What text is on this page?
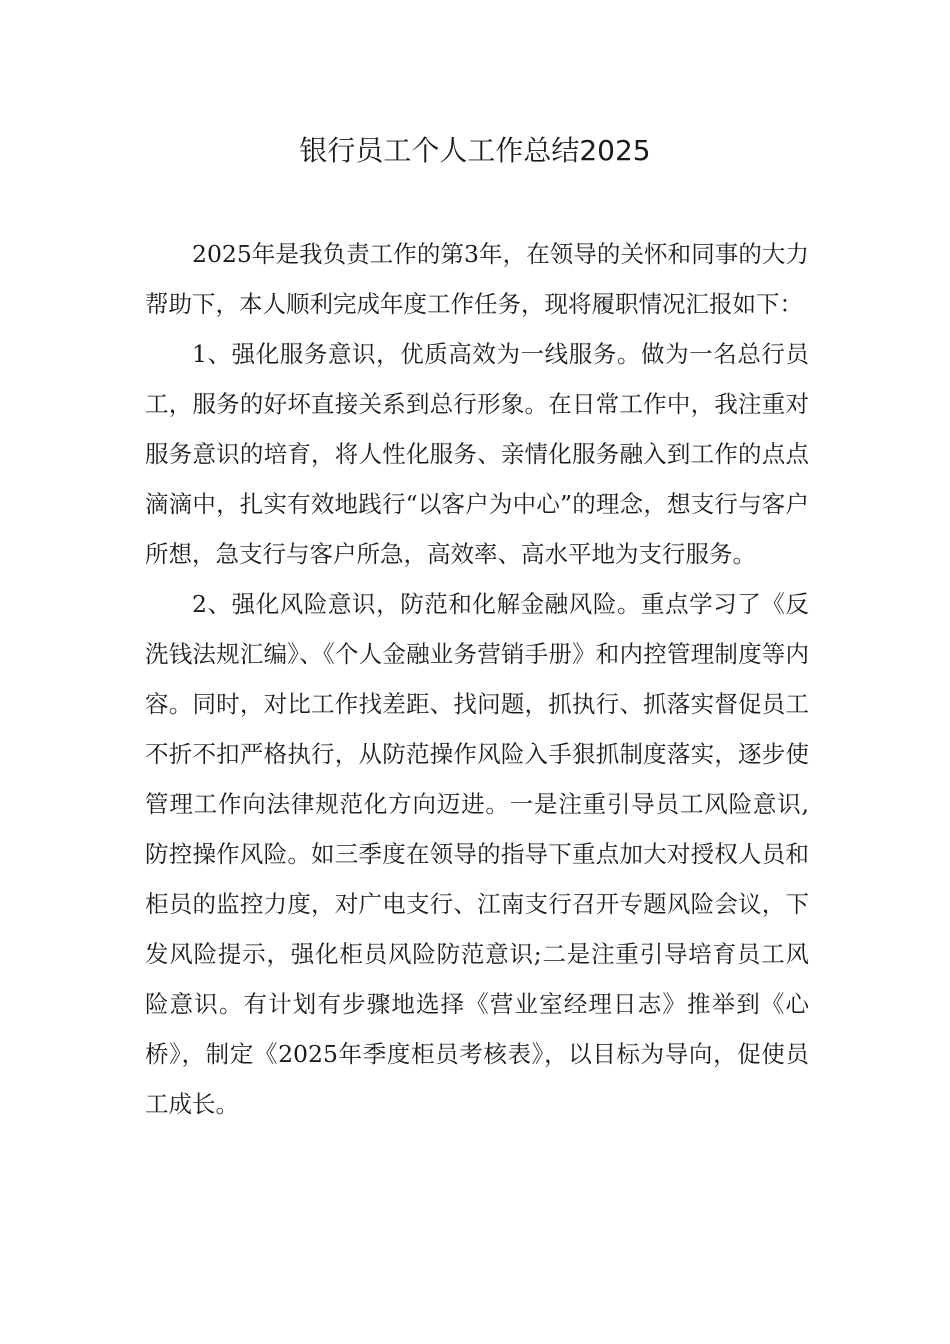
银行员工个人工作总结2025

2025年是我负责工作的第3年，在领导的关怀和同事的大力帮助下，本人顺利完成年度工作任务，现将履职情况汇报如下：

1、强化服务意识，优质高效为一线服务。做为一名总行员工，服务的好坏直接关系到总行形象。在日常工作中，我注重对服务意识的培育，将人性化服务、亲情化服务融入到工作的点点滴滴中，扎实有效地践行“以客户为中心”的理念，想支行与客户所想，急支行与客户所急，高效率、高水平地为支行服务。

2、强化风险意识，防范和化解金融风险。重点学习了《反洗钱法规汇编》、《个人金融业务营销手册》和内控管理制度等内容。同时，对比工作找差距、找问题，抓执行、抓落实督促员工不折不扣严格执行，从防范操作风险入手狠抓制度落实，逐步使管理工作向法律规范化方向迈进。一是注重引导员工风险意识,防控操作风险。如三季度在领导的指导下重点加大对授权人员和柜员的监控力度，对广电支行、江南支行召开专题风险会议，下发风险提示，强化柜员风险防范意识;二是注重引导培育员工风险意识。有计划有步骤地选择《营业室经理日志》推举到《心桥》，制定《2025年季度柜员考核表》，以目标为导向，促使员工成长。
